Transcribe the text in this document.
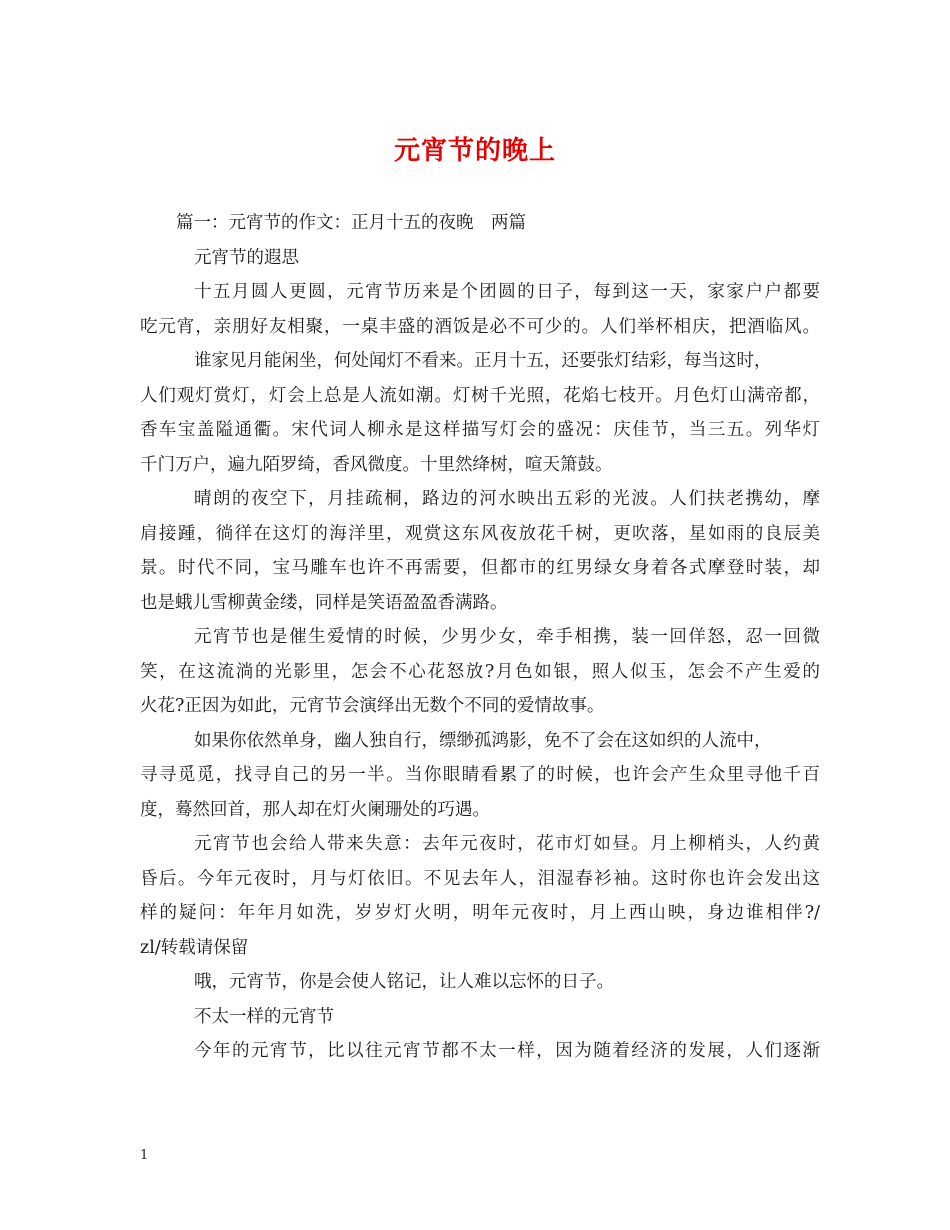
元宵节的晚上
篇一：元宵节的作文：正月十五的夜晚　两篇
元宵节的遐思
十五月圆人更圆，元宵节历来是个团圆的日子，每到这一天，家家户户都要
吃元宵，亲朋好友相聚，一桌丰盛的酒饭是必不可少的。人们举杯相庆，把酒临风。
谁家见月能闲坐，何处闻灯不看来。正月十五，还要张灯结彩，每当这时，
人们观灯赏灯，灯会上总是人流如潮。灯树千光照，花焰七枝开。月色灯山满帝都，
香车宝盖隘通衢。宋代词人柳永是这样描写灯会的盛况：庆佳节，当三五。列华灯
千门万户，遍九陌罗绮，香风微度。十里然绛树，喧天箫鼓。
晴朗的夜空下，月挂疏桐，路边的河水映出五彩的光波。人们扶老携幼，摩
肩接踵，徜徉在这灯的海洋里，观赏这东风夜放花千树，更吹落，星如雨的良辰美
景。时代不同，宝马雕车也许不再需要，但都市的红男绿女身着各式摩登时装，却
也是蛾儿雪柳黄金缕，同样是笑语盈盈香满路。
元宵节也是催生爱情的时候，少男少女，牵手相携，装一回佯怒，忍一回微
笑，在这流淌的光影里，怎会不心花怒放?月色如银，照人似玉，怎会不产生爱的
火花?正因为如此，元宵节会演绎出无数个不同的爱情故事。
如果你依然单身，幽人独自行，缥缈孤鸿影，免不了会在这如织的人流中，
寻寻觅觅，找寻自己的另一半。当你眼睛看累了的时候，也许会产生众里寻他千百
度，蓦然回首，那人却在灯火阑珊处的巧遇。
元宵节也会给人带来失意：去年元夜时，花市灯如昼。月上柳梢头，人约黄
昏后。今年元夜时，月与灯依旧。不见去年人，泪湿春衫袖。这时你也许会发出这
样的疑问：年年月如洗，岁岁灯火明，明年元夜时，月上西山映，身边谁相伴?/
zl/转载请保留
哦，元宵节，你是会使人铭记，让人难以忘怀的日子。
不太一样的元宵节
今年的元宵节，比以往元宵节都不太一样，因为随着经济的发展，人们逐渐
1
